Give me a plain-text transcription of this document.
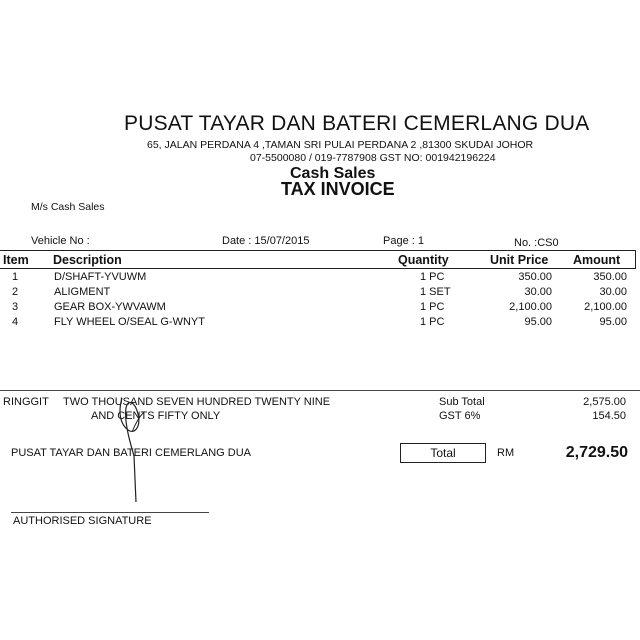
PUSAT TAYAR DAN BATERI CEMERLANG DUA
65, JALAN PERDANA 4 ,TAMAN SRI PULAI PERDANA 2 ,81300 SKUDAI JOHOR
07-5500080 / 019-7787908 GST NO: 001942196224
Cash Sales
TAX INVOICE
M/s Cash Sales
Vehicle No :	Date : 15/07/2015	Page : 1	No. :CS0
Item Description	Quantity	Unit Price Amount
1	D/SHAFT-YVUWM	1 PC	350.00	350.00
2	ALIGMENT	1 SET	30.00	30.00
3	GEAR BOX-YWVAWM	1 PC	2,100.00	2,100.00
4	FLY WHEEL O/SEAL G-WNYT	1 PC	95.00	95.00
RINGGIT TWO THOUSAND SEVEN HUNDRED TWENTY NINE
AND CENTS FIFTY ONLY
Sub Total	2,575.00
GST 6%	154.50
PUSAT TAYAR DAN BATERI CEMERLANG DUA	Total	RM	2,729.50
AUTHORISED SIGNATURE
